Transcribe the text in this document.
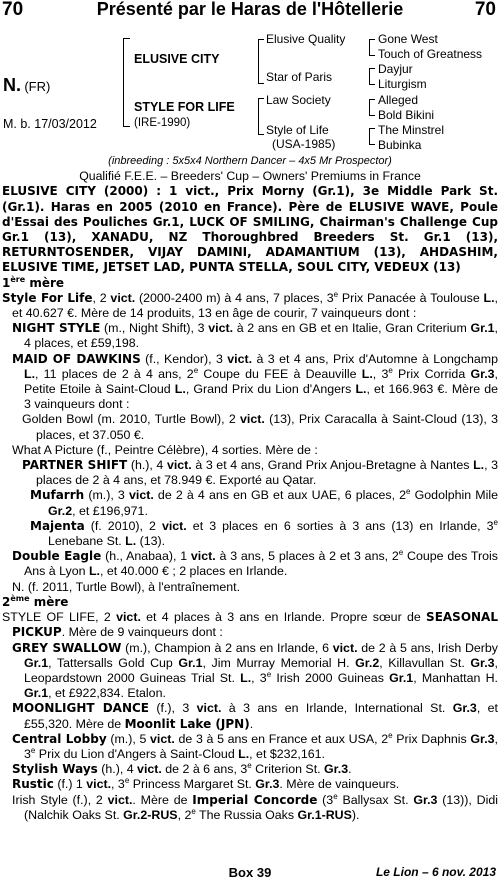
70	Présenté par le Haras de l'Hôtellerie	70
N. (FR)
M. b. 17/03/2012
ELUSIVE CITY
STYLE FOR LIFE
(IRE-1990)
Elusive Quality
Star of Paris
Law Society
Style of Life
(USA-1985)
Gone West
Touch of Greatness
Dayjur
Liturgism
Alleged
Bold Bikini
The Minstrel
Bubinka

(inbreeding : 5x5x4 Northern Dancer – 4x5 Mr Prospector)

Qualifié F.E.E. – Breeders' Cup – Owners' Premiums in France

ELUSIVE CITY (2000) : 1 vict., Prix Morny (Gr.1), 3e Middle Park St. (Gr.1). Haras en 2005 (2010 en France). Père de ELUSIVE WAVE, Poule d'Essai des Pouliches Gr.1, LUCK OF SMILING, Chairman's Challenge Cup Gr.1 (13), XANADU, NZ Thoroughbred Breeders St. Gr.1 (13), RETURNTOSENDER, VIJAY DAMINI, ADAMANTIUM (13), AHDASHIM, ELUSIVE TIME, JETSET LAD, PUNTA STELLA, SOUL CITY, VEDEUX (13)

1ère mère

Style For Life, 2 vict. (2000-2400 m) à 4 ans, 7 places, 3e Prix Panacée à Toulouse L., et 40.627 €. Mère de 14 produits, 13 en âge de courir, 7 vainqueurs dont :

NIGHT STYLE (m., Night Shift), 3 vict. à 2 ans en GB et en Italie, Gran Criterium Gr.1, 4 places, et £59,198.

MAID OF DAWKINS (f., Kendor), 3 vict. à 3 et 4 ans, Prix d'Automne à Longchamp L., 11 places de 2 à 4 ans, 2e Coupe du FEE à Deauville L., 3e Prix Corrida Gr.3, Petite Etoile à Saint-Cloud L., Grand Prix du Lion d'Angers L., et 166.963 €. Mère de 3 vainqueurs dont :

Golden Bowl (m. 2010, Turtle Bowl), 2 vict. (13), Prix Caracalla à Saint-Cloud (13), 3 places, et 37.050 €.

What A Picture (f., Peintre Célèbre), 4 sorties. Mère de :

PARTNER SHIFT (h.), 4 vict. à 3 et 4 ans, Grand Prix Anjou-Bretagne à Nantes L., 3 places de 2 à 4 ans, et 78.949 €. Exporté au Qatar.

Mufarrh (m.), 3 vict. de 2 à 4 ans en GB et aux UAE, 6 places, 2e Godolphin Mile Gr.2, et £196,971.

Majenta (f. 2010), 2 vict. et 3 places en 6 sorties à 3 ans (13) en Irlande, 3e Lenebane St. L. (13).

Double Eagle (h., Anabaa), 1 vict. à 3 ans, 5 places à 2 et 3 ans, 2e Coupe des Trois Ans à Lyon L., et 40.000 € ; 2 places en Irlande.

N. (f. 2011, Turtle Bowl), à l'entraînement.

2ème mère

STYLE OF LIFE, 2 vict. et 4 places à 3 ans en Irlande. Propre sœur de SEASONAL PICKUP. Mère de 9 vainqueurs dont :

GREY SWALLOW (m.), Champion à 2 ans en Irlande, 6 vict. de 2 à 5 ans, Irish Derby Gr.1, Tattersalls Gold Cup Gr.1, Jim Murray Memorial H. Gr.2, Killavullan St. Gr.3, Leopardstown 2000 Guineas Trial St. L., 3e Irish 2000 Guineas Gr.1, Manhattan H. Gr.1, et £922,834. Etalon.

MOONLIGHT DANCE (f.), 3 vict. à 3 ans en Irlande, International St. Gr.3, et £55,320. Mère de Moonlit Lake (JPN).

Central Lobby (m.), 5 vict. de 3 à 5 ans en France et aux USA, 2e Prix Daphnis Gr.3, 3e Prix du Lion d'Angers à Saint-Cloud L., et $232,161.

Stylish Ways (h.), 4 vict. de 2 à 6 ans, 3e Criterion St. Gr.3.

Rustic (f.) 1 vict., 3e Princess Margaret St. Gr.3. Mère de vainqueurs.

Irish Style (f.), 2 vict.. Mère de Imperial Concorde (3e Ballysax St. Gr.3 (13)), Didi (Nalchik Oaks St. Gr.2-RUS, 2e The Russia Oaks Gr.1-RUS).

Box 39	Le Lion – 6 nov. 2013
